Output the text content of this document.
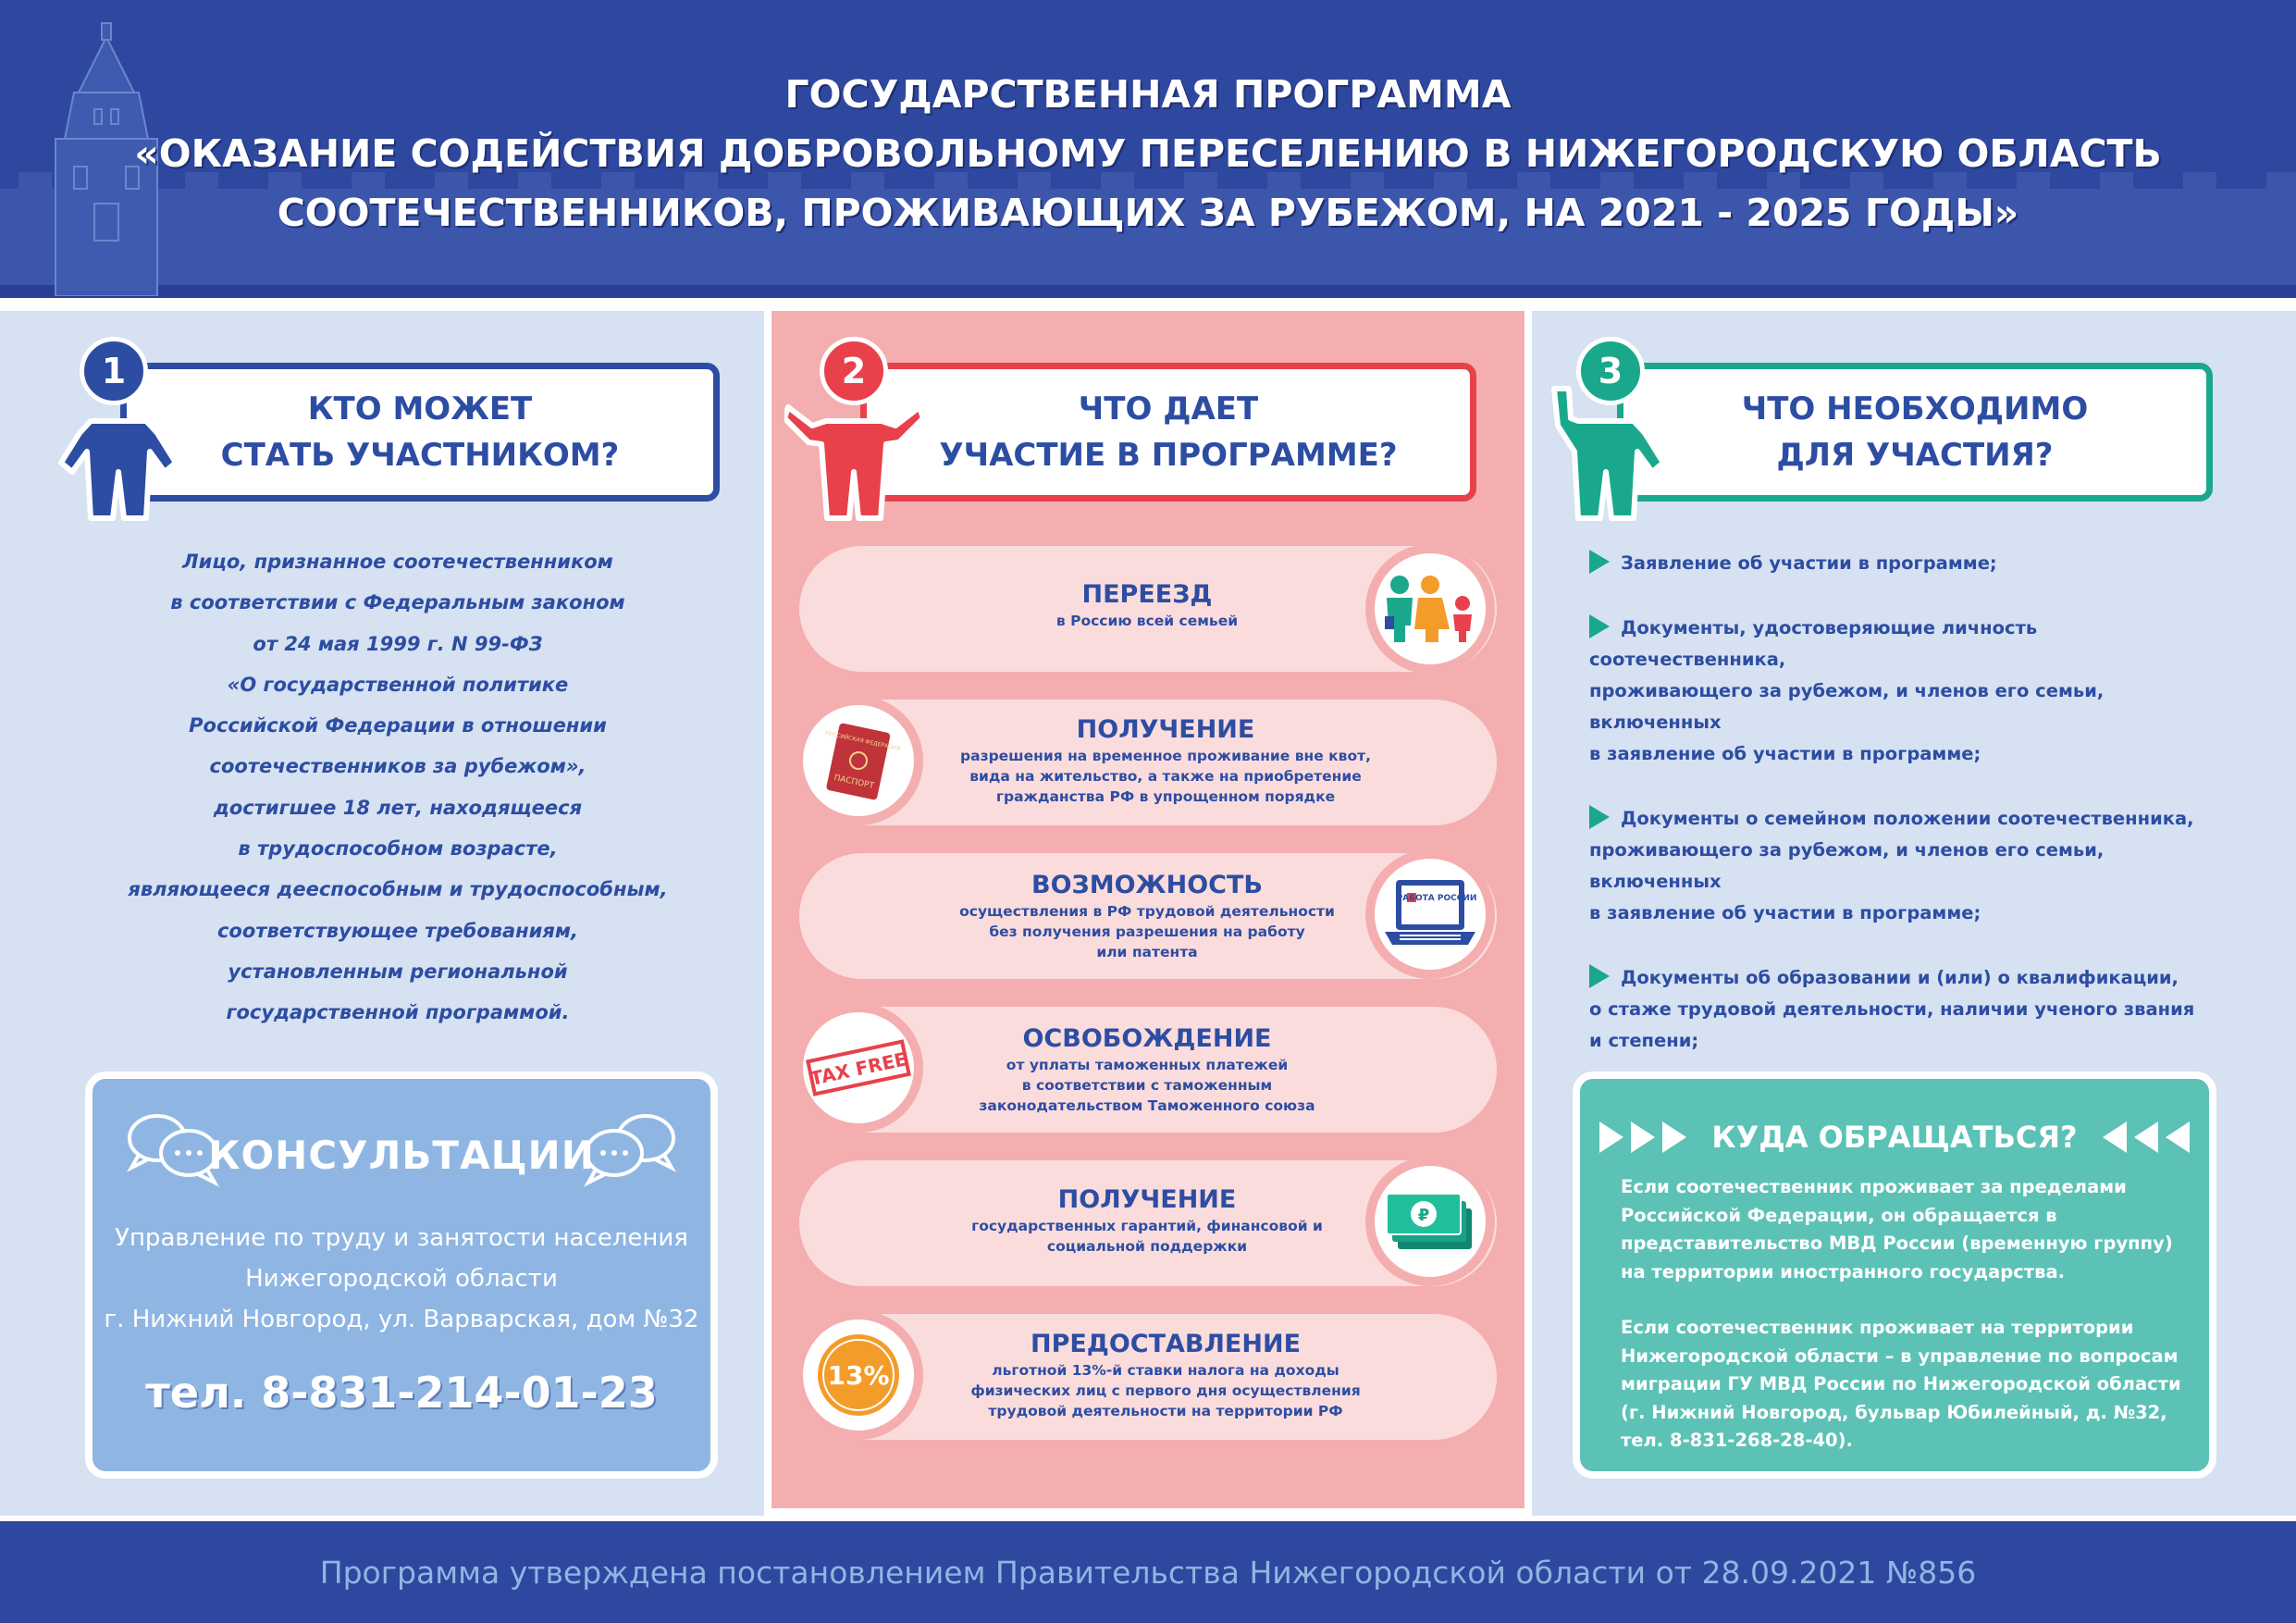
ГОСУДАРСТВЕННАЯ ПРОГРАММА
«ОКАЗАНИЕ СОДЕЙСТВИЯ ДОБРОВОЛЬНОМУ ПЕРЕСЕЛЕНИЮ В НИЖЕГОРОДСКУЮ ОБЛАСТЬ
СООТЕЧЕСТВЕННИКОВ, ПРОЖИВАЮЩИХ ЗА РУБЕЖОМ, НА 2021 - 2025 ГОДЫ»
КТО МОЖЕТ
СТАТЬ УЧАСТНИКОМ?
1
Лицо, признанное соотечественником
в соответствии с Федеральным законом
от 24 мая 1999 г. N 99-ФЗ
«О государственной политике
Российской Федерации в отношении
соотечественников за рубежом»,
достигшее 18 лет, находящееся
в трудоспособном возрасте,
являющееся дееспособным и трудоспособным,
соответствующее требованиям,
установленным региональной
государственной программой.
КОНСУЛЬТАЦИИ
Управление по труду и занятости населения
Нижегородской области
г. Нижний Новгород, ул. Варварская, дом №32
тел. 8-831-214-01-23
ЧТО ДАЕТ
УЧАСТИЕ В ПРОГРАММЕ?
2
ПЕРЕЕЗД
в Россию всей семьей
РОССИЙСКАЯ ФЕДЕРАЦИЯ
ПАСПОРТ
ПОЛУЧЕНИЕ
разрешения на временное проживание вне квот,
вида на жительство, а также на приобретение
гражданства РФ в упрощенном порядке
РАБОТА РОССИИ
ВОЗМОЖНОСТЬ
осуществления в РФ трудовой деятельности
без получения разрешения на работу
или патента
TAX FREE
ОСВОБОЖДЕНИЕ
от уплаты таможенных платежей
в соответствии с таможенным
законодательством Таможенного союза
₽
ПОЛУЧЕНИЕ
государственных гарантий, финансовой и
социальной поддержки
13%
ПРЕДОСТАВЛЕНИЕ
льготной 13%-й ставки налога на доходы
физических лиц с первого дня осуществления
трудовой деятельности на территории РФ
ЧТО НЕОБХОДИМО
ДЛЯ УЧАСТИЯ?
3
Заявление об участии в программе;
Документы, удостоверяющие личность соотечественника,
проживающего за рубежом, и членов его семьи, включенных
в заявление об участии в программе;
Документы о семейном положении соотечественника,
проживающего за рубежом, и членов его семьи, включенных
в заявление об участии в программе;
Документы об образовании и (или) о квалификации,
о стаже трудовой деятельности, наличии ученого звания
и степени;
КУДА ОБРАЩАТЬСЯ?
Если соотечественник проживает за пределами
Российской Федерации, он обращается в
представительство МВД России (временную группу)
на территории иностранного государства.
Если соотечественник проживает на территории
Нижегородской области – в управление по вопросам
миграции ГУ МВД России по Нижегородской области
(г. Нижний Новгород, бульвар Юбилейный, д. №32,
тел. 8-831-268-28-40).
Программа утверждена постановлением Правительства Нижегородской области от 28.09.2021 №856
